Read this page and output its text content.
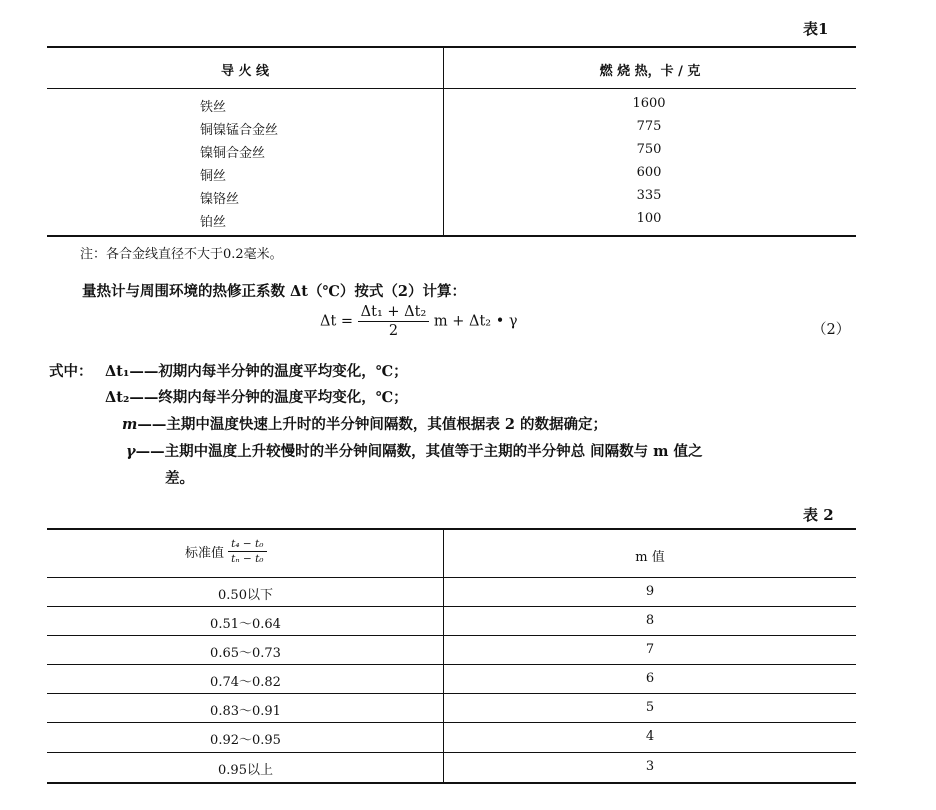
表1
导 火 线	燃 烧 热，卡 / 克
铁丝	1600
铜镍锰合金丝	775
镍铜合金丝	750
铜丝	600
镍铬丝	335
铂丝	100
注：各合金线直径不大于0.2毫米。
量热计与周围环境的热修正系数 Δt（℃）按式（2）计算：
$\Delta t = \frac{\text{Δt₁ + Δt₂}}{2}$ m + Δt₂ • γ
（2）
式中： Δt₁——初期内每半分钟的温度平均变化，℃；
Δt₂——终期内每半分钟的温度平均变化，℃；
m——主期中温度快速上升时的半分钟间隔数，其值根据表 2 的数据确定；
γ——主期中温度上升较慢时的半分钟间隔数，其值等于主期的半分钟总 间隔数与 m 值之
差。
表 2
标准值 $\frac{\text{t₄ − t₀}}{\text{tₙ − t₀}}$	m 值
0.50以下	9
0.51～0.64	8
0.65～0.73	7
0.74～0.82	6
0.83～0.91	5
0.92～0.95	4
0.95以上	3
